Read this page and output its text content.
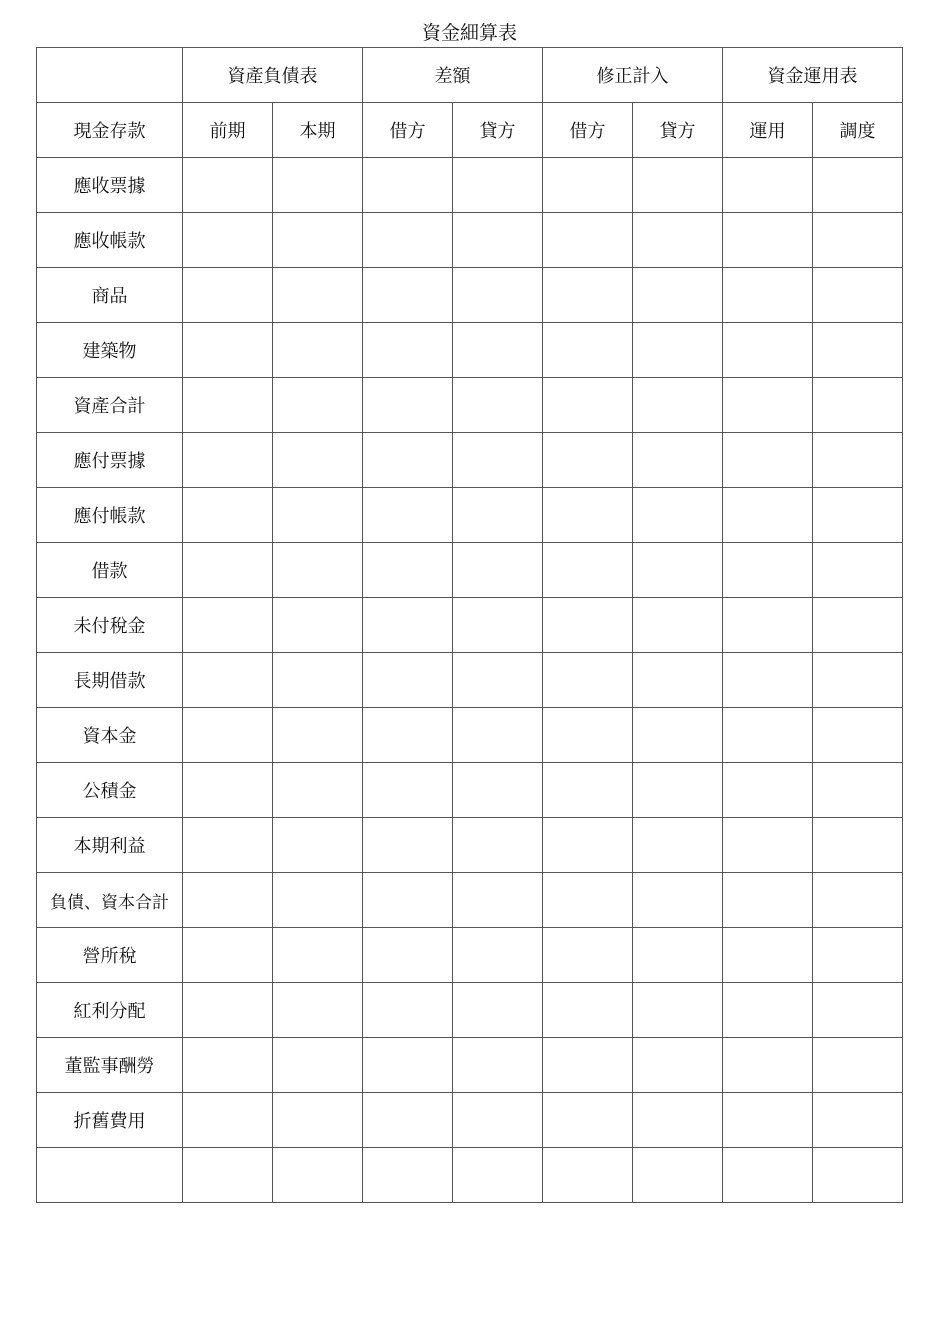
資金細算表
	資產負債表		差額		修正計入		資金運用表	
現金存款	前期	本期	借方	貸方	借方	貸方	運用	調度
應收票據								
應收帳款								
商品								
建築物								
資產合計								
應付票據								
應付帳款								
借款								
未付稅金								
長期借款								
資本金								
公積金								
本期利益								
負債、資本合計								
營所稅								
紅利分配								
董監事酬勞								
折舊費用								
